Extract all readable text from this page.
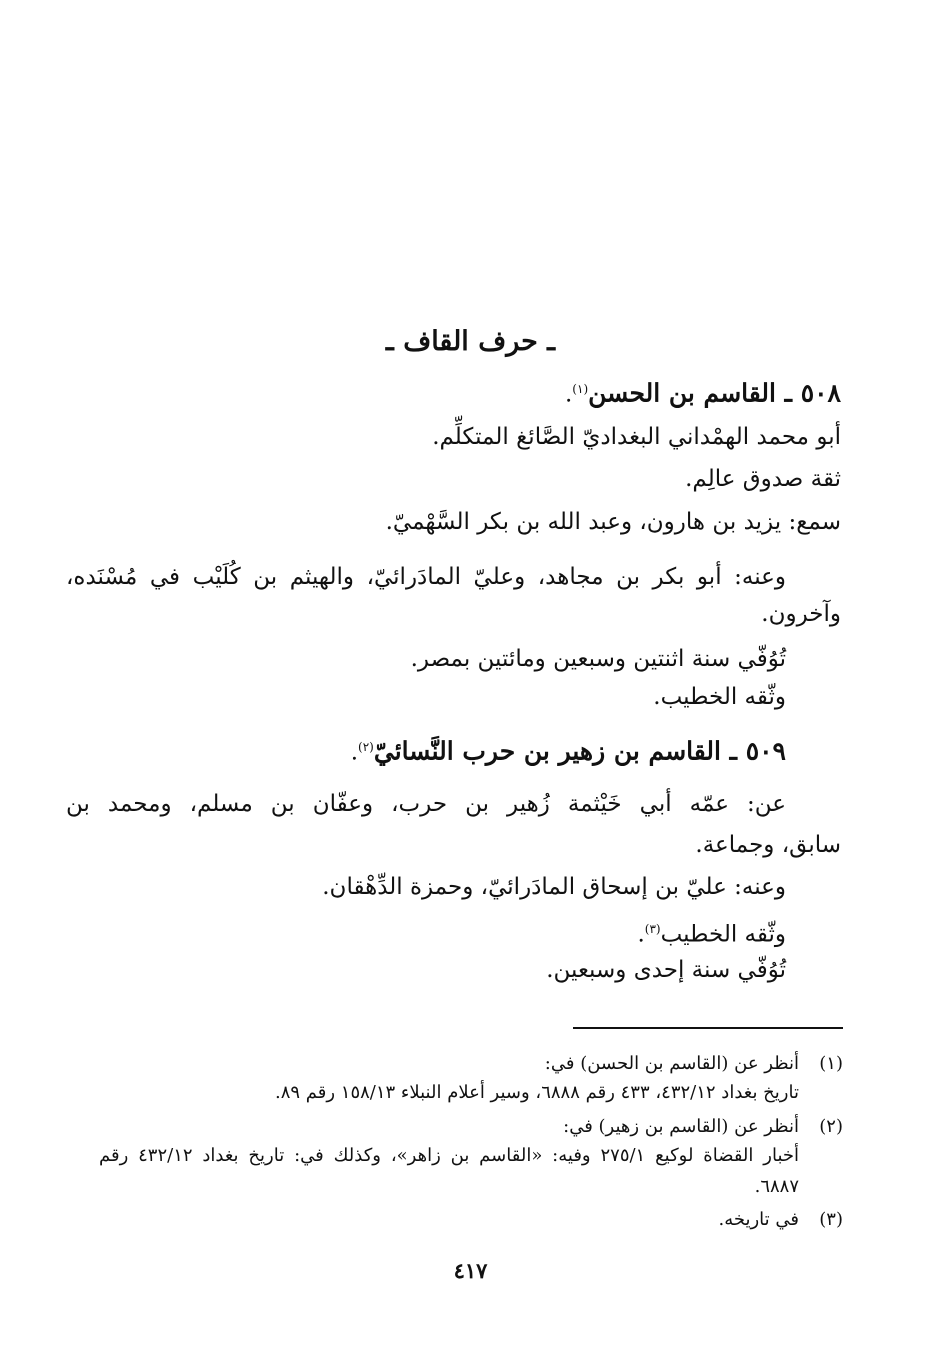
ـ حرف القاف ـ
٥٠٨ ـ القاسم بن الحسن$^{(١)}$.
أبو محمد الهمْداني البغداديّ الصَّائغ المتكلِّم.
ثقة صدوق عالِم.
سمع: يزيد بن هارون، وعبد الله بن بكر السَّهْميّ.
وعنه: أبو بكر بن مجاهد، وعليّ المادَرائيّ، والهيثم بن كُلَيْب في مُسْنَده،
وآخرون.
تُوُفّي سنة اثنتين وسبعين ومائتين بمصر.
وثّقه الخطيب.
٥٠٩ ـ القاسم بن زهير بن حرب النَّسائيّ$^{(٢)}$.
عن: عمّه أبي خَيْثمة زُهير بن حرب، وعفّان بن مسلم، ومحمد بن
سابق، وجماعة.
وعنه: عليّ بن إسحاق المادَرائيّ، وحمزة الدِّهْقان.
وثّقه الخطيب$^{(٣)}$.
تُوُفّي سنة إحدى وسبعين.
(١)أنظر عن (القاسم بن الحسن) في:
تاريخ بغداد ٤٣٢/١٢، ٤٣٣ رقم ٦٨٨٨، وسير أعلام النبلاء ١٥٨/١٣ رقم ٨٩.
(٢)أنظر عن (القاسم بن زهير) في:
أخبار القضاة لوكيع ٢٧٥/١ وفيه: «القاسم بن زاهر»، وكذلك في: تاريخ بغداد ٤٣٢/١٢ رقم
٦٨٨٧.
(٣)في تاريخه.
٤١٧
